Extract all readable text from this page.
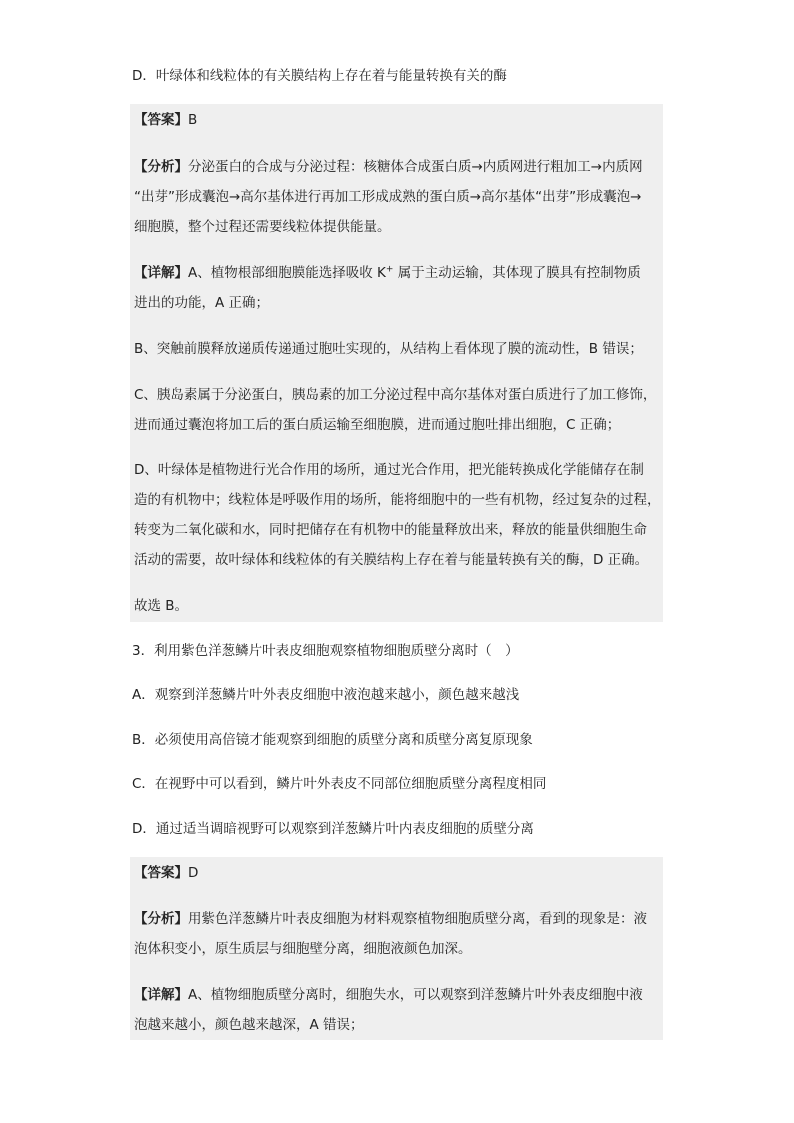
D．叶绿体和线粒体的有关膜结构上存在着与能量转换有关的酶
【答案】B
【分析】分泌蛋白的合成与分泌过程：核糖体合成蛋白质→内质网进行粗加工→内质网
“出芽”形成囊泡→高尔基体进行再加工形成成熟的蛋白质→高尔基体“出芽”形成囊泡→
细胞膜，整个过程还需要线粒体提供能量。
【详解】A、植物根部细胞膜能选择吸收 K+ 属于主动运输，其体现了膜具有控制物质
进出的功能，A 正确；
B、突触前膜释放递质传递通过胞吐实现的，从结构上看体现了膜的流动性，B 错误；
C、胰岛素属于分泌蛋白，胰岛素的加工分泌过程中高尔基体对蛋白质进行了加工修饰，
进而通过囊泡将加工后的蛋白质运输至细胞膜，进而通过胞吐排出细胞，C 正确；
D、叶绿体是植物进行光合作用的场所，通过光合作用，把光能转换成化学能储存在制
造的有机物中；线粒体是呼吸作用的场所，能将细胞中的一些有机物，经过复杂的过程，
转变为二氧化碳和水，同时把储存在有机物中的能量释放出来，释放的能量供细胞生命
活动的需要，故叶绿体和线粒体的有关膜结构上存在着与能量转换有关的酶，D 正确。
故选 B。
3．利用紫色洋葱鳞片叶表皮细胞观察植物细胞质壁分离时（　）
A．观察到洋葱鳞片叶外表皮细胞中液泡越来越小，颜色越来越浅
B．必须使用高倍镜才能观察到细胞的质壁分离和质壁分离复原现象
C．在视野中可以看到，鳞片叶外表皮不同部位细胞质壁分离程度相同
D．通过适当调暗视野可以观察到洋葱鳞片叶内表皮细胞的质壁分离
【答案】D
【分析】用紫色洋葱鳞片叶表皮细胞为材料观察植物细胞质壁分离，看到的现象是：液
泡体积变小，原生质层与细胞壁分离，细胞液颜色加深。
【详解】A、植物细胞质壁分离时，细胞失水，可以观察到洋葱鳞片叶外表皮细胞中液
泡越来越小，颜色越来越深，A 错误；
